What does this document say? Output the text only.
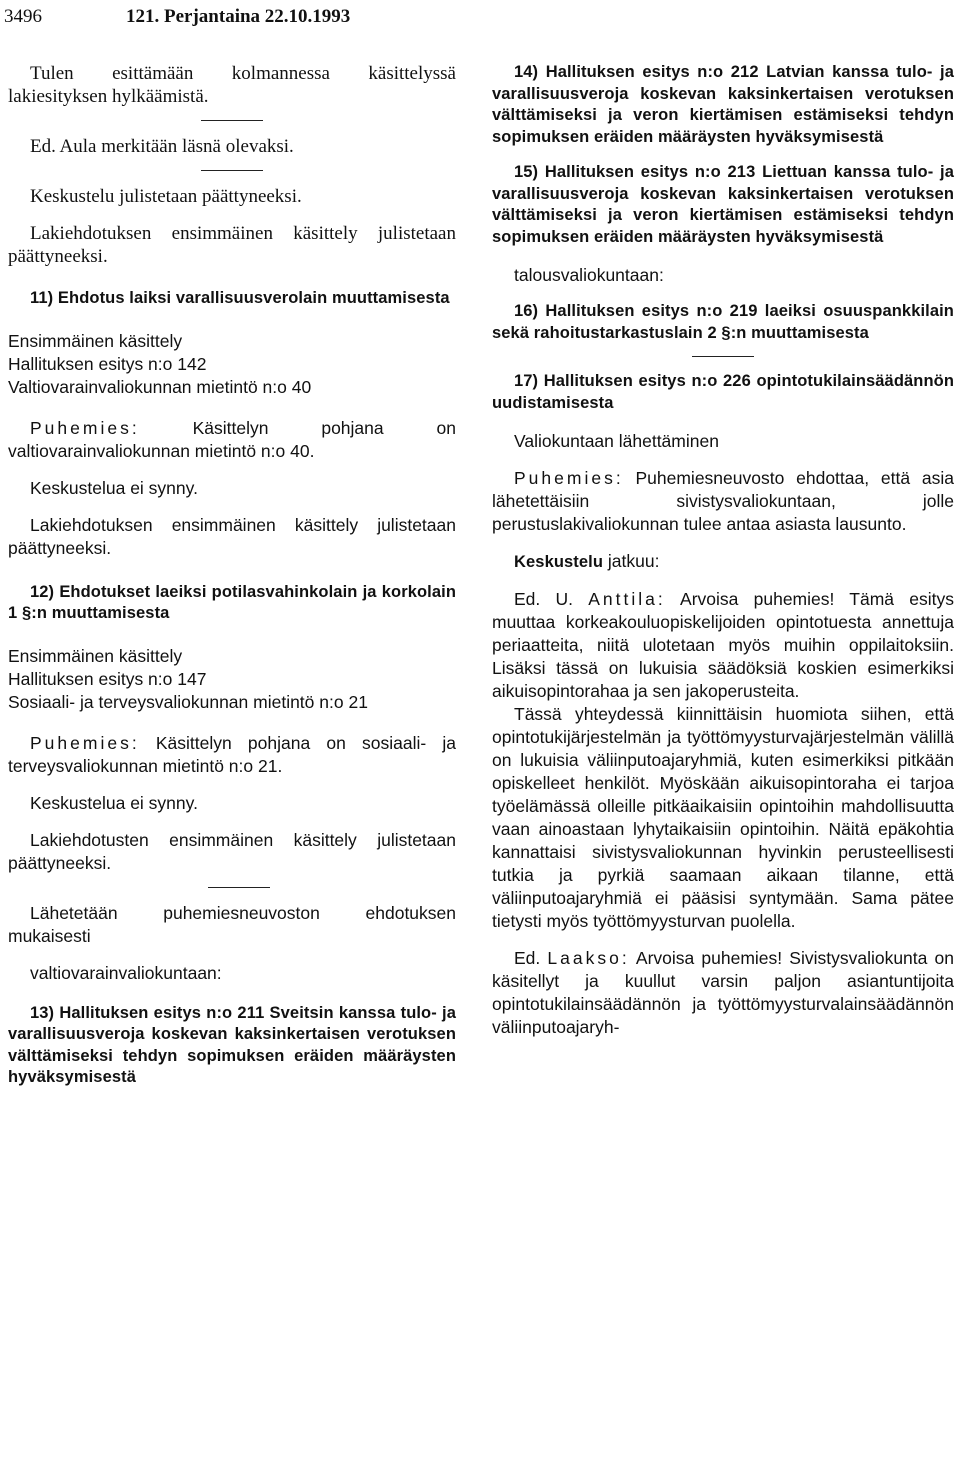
3496	121. Perjantaina 22.10.1993

Tulen esittämään kolmannessa käsittelyssä lakiesityksen hylkäämistä.

Ed. Aula merkitään läsnä olevaksi.

Keskustelu julistetaan päättyneeksi.

Lakiehdotuksen ensimmäinen käsittely julistetaan päättyneeksi.

11) Ehdotus laiksi varallisuusverolain muuttamisesta

Ensimmäinen käsittely
Hallituksen esitys n:o 142
Valtiovarainvaliokunnan mietintö n:o 40

Puhemies: Käsittelyn pohjana on valtiovarainvaliokunnan mietintö n:o 40.

Keskustelua ei synny.

Lakiehdotuksen ensimmäinen käsittely julistetaan päättyneeksi.

12) Ehdotukset laeiksi potilasvahinkolain ja korkolain 1 §:n muuttamisesta

Ensimmäinen käsittely
Hallituksen esitys n:o 147
Sosiaali- ja terveysvaliokunnan mietintö n:o 21

Puhemies: Käsittelyn pohjana on sosiaali- ja terveysvaliokunnan mietintö n:o 21.

Keskustelua ei synny.

Lakiehdotusten ensimmäinen käsittely julistetaan päättyneeksi.

Lähetetään puhemiesneuvoston ehdotuksen mukaisesti

valtiovarainvaliokuntaan:

13) Hallituksen esitys n:o 211 Sveitsin kanssa tulo- ja varallisuusveroja koskevan kaksinkertaisen verotuksen välttämiseksi tehdyn sopimuksen eräiden määräysten hyväksymisestä

14) Hallituksen esitys n:o 212 Latvian kanssa tulo- ja varallisuusveroja koskevan kaksinkertaisen verotuksen välttämiseksi ja veron kiertämisen estämiseksi tehdyn sopimuksen eräiden määräysten hyväksymisestä

15) Hallituksen esitys n:o 213 Liettuan kanssa tulo- ja varallisuusveroja koskevan kaksinkertaisen verotuksen välttämiseksi ja veron kiertämisen estämiseksi tehdyn sopimuksen eräiden määräysten hyväksymisestä

talousvaliokuntaan:

16) Hallituksen esitys n:o 219 laeiksi osuuspankkilain sekä rahoitustarkastuslain 2 §:n muuttamisesta

17) Hallituksen esitys n:o 226 opintotukilainsäädännön uudistamisesta

Valiokuntaan lähettäminen

Puhemies: Puhemiesneuvosto ehdottaa, että asia lähetettäisiin sivistysvaliokuntaan, jolle perustuslakivaliokunnan tulee antaa asiasta lausunto.

Keskustelu jatkuu:

Ed. U. Anttila: Arvoisa puhemies! Tämä esitys muuttaa korkeakouluopiskelijoiden opintotuesta annettuja periaatteita, niitä ulotetaan myös muihin oppilaitoksiin. Lisäksi tässä on lukuisia säädöksiä koskien esimerkiksi aikuisopintorahaa ja sen jakoperusteita.

Tässä yhteydessä kiinnittäisin huomiota siihen, että opintotukijärjestelmän ja työttömyysturvajärjestelmän välillä on lukuisia väliinputoajaryhmiä, kuten esimerkiksi pitkään opiskelleet henkilöt. Myöskään aikuisopintoraha ei tarjoa työelämässä olleille pitkäaikaisiin opintoihin mahdollisuutta vaan ainoastaan lyhytaikaisiin opintoihin. Näitä epäkohtia kannattaisi sivistysvaliokunnan hyvinkin perusteellisesti tutkia ja pyrkiä saamaan aikaan tilanne, että väliinputoajaryhmiä ei pääsisi syntymään. Sama pätee tietysti myös työttömyysturvan puolella.

Ed. Laakso: Arvoisa puhemies! Sivistysvaliokunta on käsitellyt ja kuullut varsin paljon asiantuntijoita opintotukilainsäädännön ja työttömyysturvalainsäädännön väliinputoajaryh-
